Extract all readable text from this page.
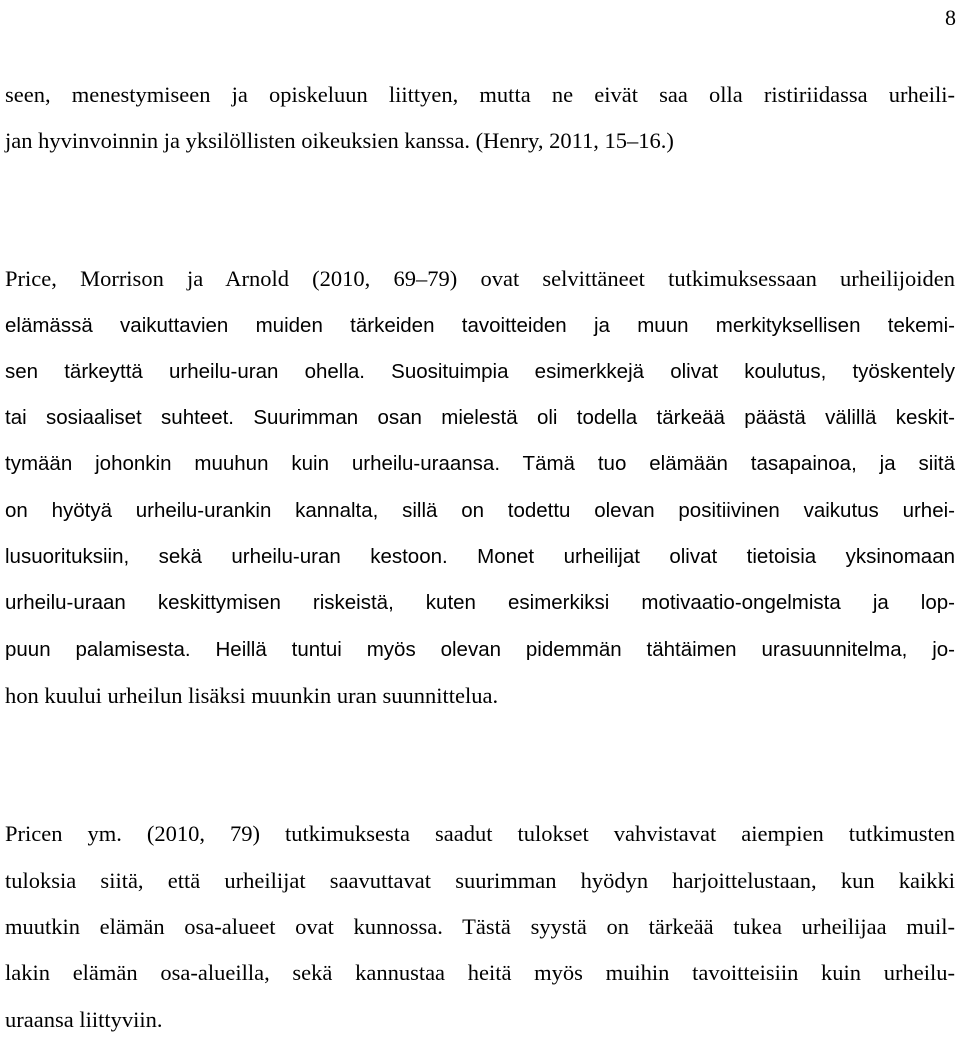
8
seen, menestymiseen ja opiskeluun liittyen, mutta ne eivät saa olla ristiriidassa urheili-
jan hyvinvoinnin ja yksilöllisten oikeuksien kanssa. (Henry, 2011, 15–16.)
Price, Morrison ja Arnold (2010, 69–79) ovat selvittäneet tutkimuksessaan urheilijoiden
elämässä vaikuttavien muiden tärkeiden tavoitteiden ja muun merkityksellisen tekemi-
sen tärkeyttä urheilu-uran ohella. Suosituimpia esimerkkejä olivat koulutus, työskentely
tai sosiaaliset suhteet. Suurimman osan mielestä oli todella tärkeää päästä välillä keskit-
tymään johonkin muuhun kuin urheilu-uraansa. Tämä tuo elämään tasapainoa, ja siitä
on hyötyä urheilu-urankin kannalta, sillä on todettu olevan positiivinen vaikutus urhei-
lusuorituksiin, sekä urheilu-uran kestoon. Monet urheilijat olivat tietoisia yksinomaan
urheilu-uraan keskittymisen riskeistä, kuten esimerkiksi motivaatio-ongelmista ja lop-
puun palamisesta. Heillä tuntui myös olevan pidemmän tähtäimen urasuunnitelma, jo-
hon kuului urheilun lisäksi muunkin uran suunnittelua.
Pricen ym. (2010, 79) tutkimuksesta saadut tulokset vahvistavat aiempien tutkimusten
tuloksia siitä, että urheilijat saavuttavat suurimman hyödyn harjoittelustaan, kun kaikki
muutkin elämän osa-alueet ovat kunnossa. Tästä syystä on tärkeää tukea urheilijaa muil-
lakin elämän osa-alueilla, sekä kannustaa heitä myös muihin tavoitteisiin kuin urheilu-
uraansa liittyviin.
